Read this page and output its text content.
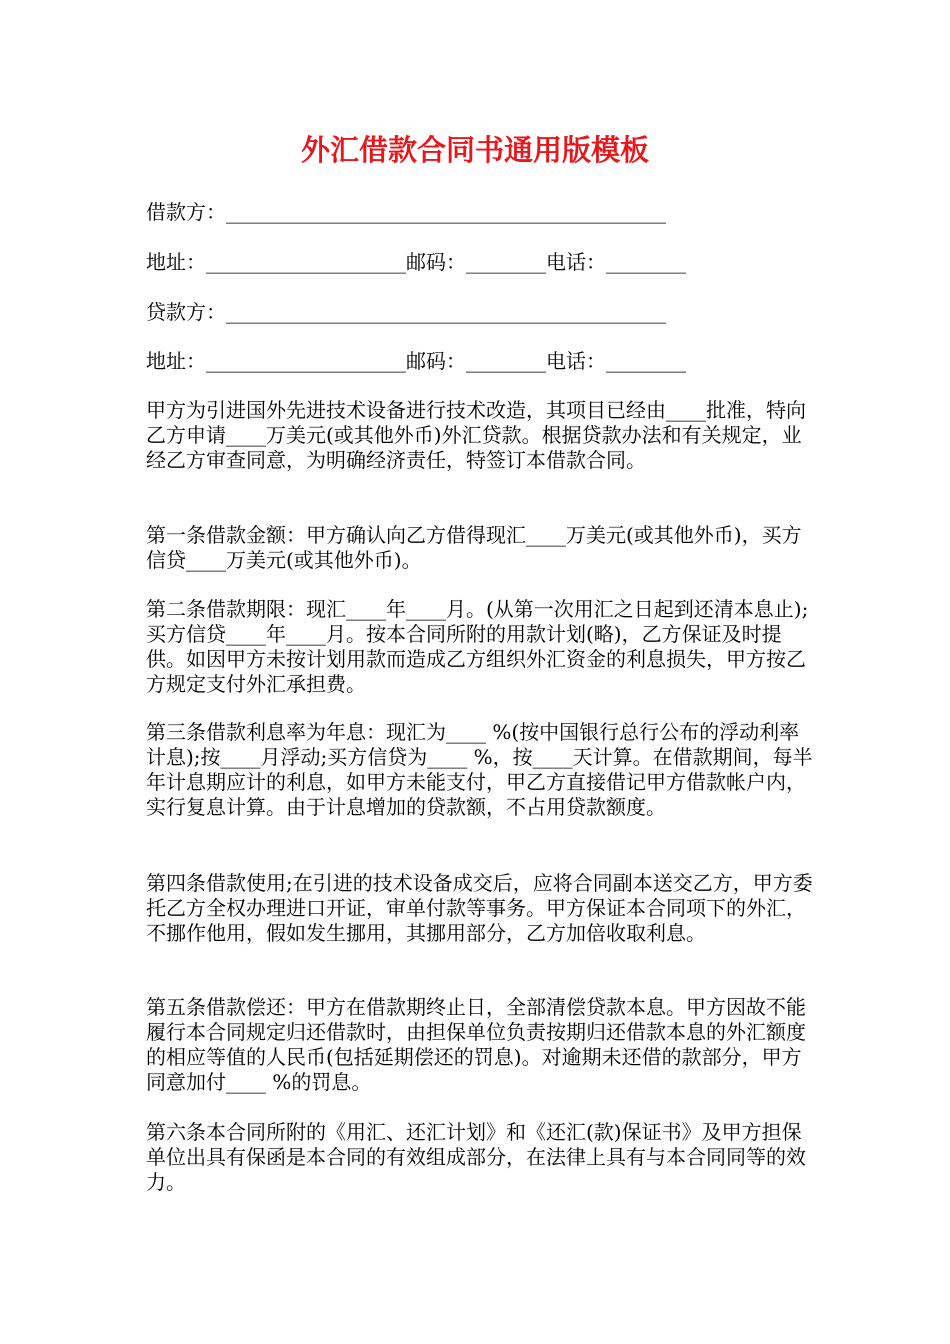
外汇借款合同书通用版模板
借款方：____________________________________________
地址：____________________邮码：________电话：________
贷款方：____________________________________________
地址：____________________邮码：________电话：________
甲方为引进国外先进技术设备进行技术改造，其项目已经由____批准，特向乙方申请____万美元(或其他外币)外汇贷款。根据贷款办法和有关规定，业经乙方审查同意，为明确经济责任，特签订本借款合同。
第一条借款金额：甲方确认向乙方借得现汇____万美元(或其他外币)，买方信贷____万美元(或其他外币)。
第二条借款期限：现汇____年____月。(从第一次用汇之日起到还清本息止);买方信贷____年____月。按本合同所附的用款计划(略)，乙方保证及时提供。如因甲方未按计划用款而造成乙方组织外汇资金的利息损失，甲方按乙方规定支付外汇承担费。
第三条借款利息率为年息：现汇为____ %(按中国银行总行公布的浮动利率计息);按____月浮动;买方信贷为____ %，按____天计算。在借款期间，每半年计息期应计的利息，如甲方未能支付，甲乙方直接借记甲方借款帐户内，实行复息计算。由于计息增加的贷款额，不占用贷款额度。
第四条借款使用;在引进的技术设备成交后，应将合同副本送交乙方，甲方委托乙方全权办理进口开证，审单付款等事务。甲方保证本合同项下的外汇，不挪作他用，假如发生挪用，其挪用部分，乙方加倍收取利息。
第五条借款偿还：甲方在借款期终止日，全部清偿贷款本息。甲方因故不能履行本合同规定归还借款时，由担保单位负责按期归还借款本息的外汇额度的相应等值的人民币(包括延期偿还的罚息)。对逾期未还借的款部分，甲方同意加付____ %的罚息。
第六条本合同所附的《用汇、还汇计划》和《还汇(款)保证书》及甲方担保单位出具有保函是本合同的有效组成部分，在法律上具有与本合同同等的效力。
